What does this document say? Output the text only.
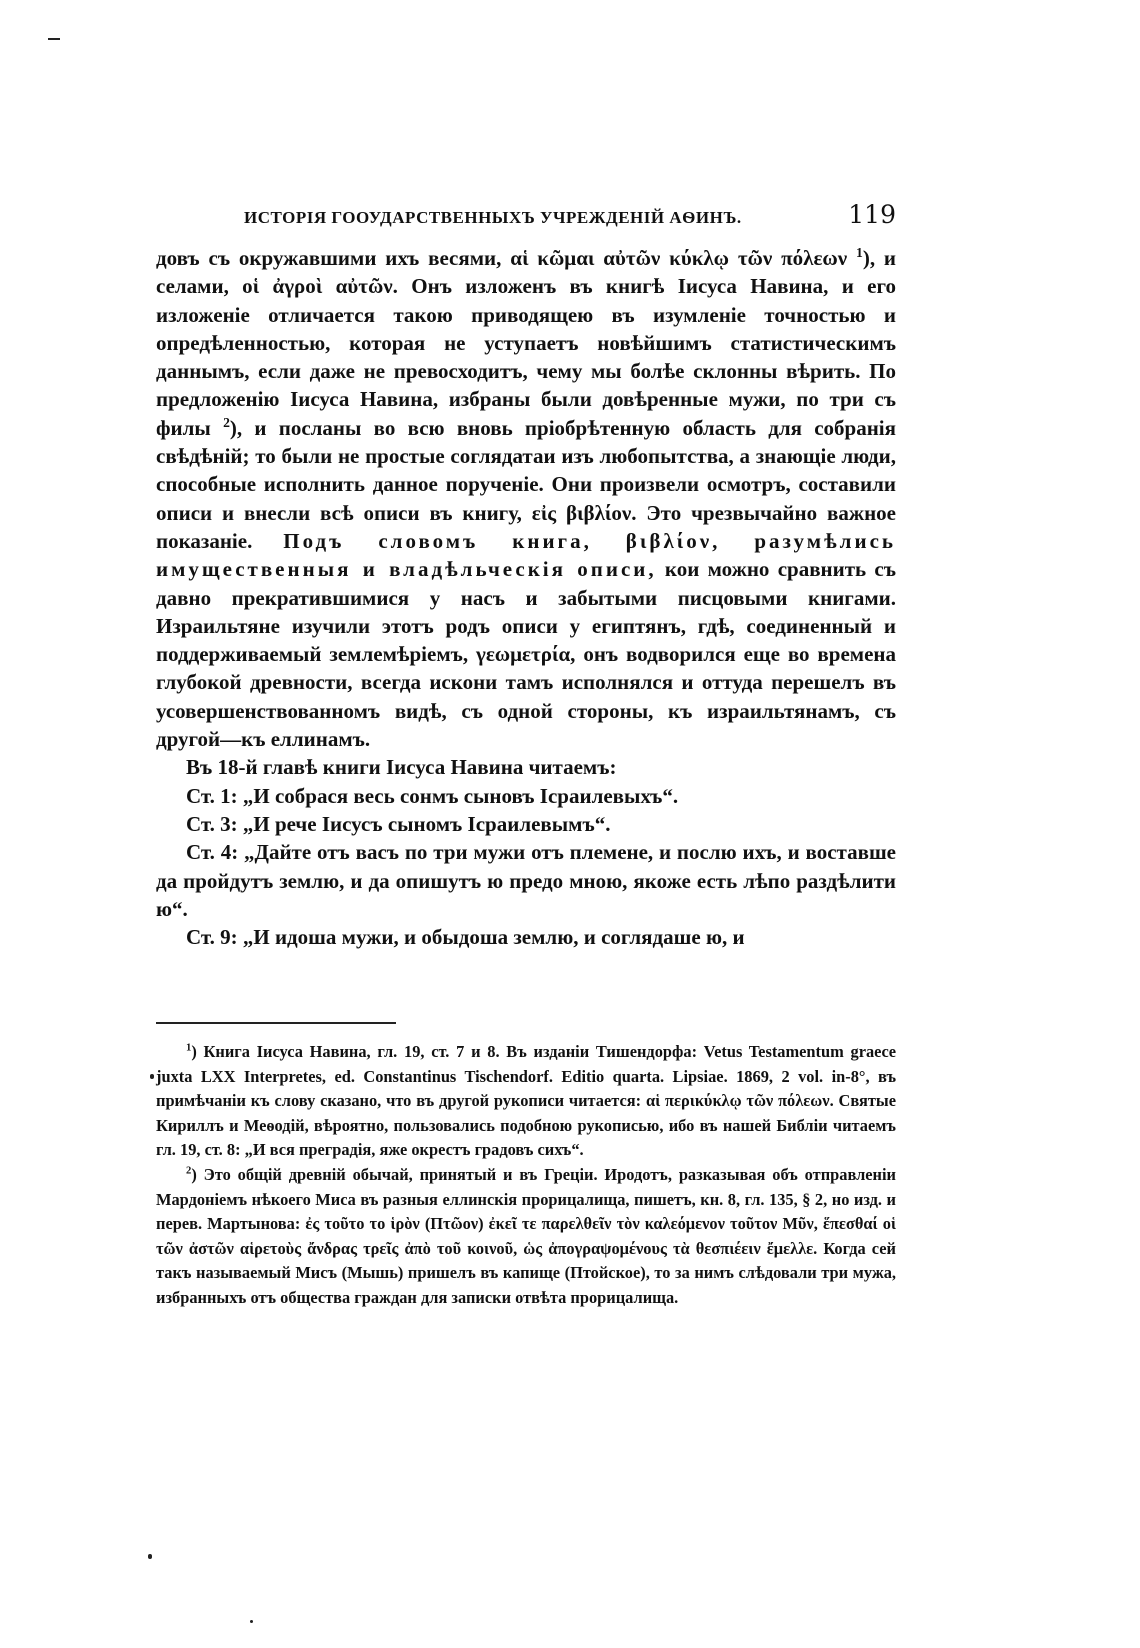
ИСТОРІЯ ГООУДАРСТВЕННЫХЪ УЧРЕЖДЕНІЙ АѲИНЪ.	119

довъ съ окружавшими ихъ весями, αἱ κῶμαι αὐτῶν κύκλῳ τῶν πόλεων $^1$), и селами, οἱ ἀγροὶ αὐτῶν. Онъ изложенъ въ книгѣ Іисуса Навина, и его изложеніе отличается такою приводящею въ изумленіе точностью и опредѣленностью, которая не уступаетъ новѣйшимъ статистическимъ даннымъ, если даже не превосходитъ, чему мы болѣе склонны вѣрить. По предложенію Іисуса Навина, избраны были довѣренные мужи, по три съ филы $^2$), и посланы во всю вновь пріобрѣтенную область для собранія свѣдѣній; то были не простые соглядатаи изъ любопытства, а знающіе люди, способные исполнить данное порученіе. Они произвели осмотръ, составили описи и внесли всѣ описи въ книгу, εἰς βιβλίον. Это чрезвычайно важное показаніе. Подъ словомъ книга, βιβλίον, разумѣлись имущественныя и владѣльческія описи, кои можно сравнить съ давно прекратившимися у насъ и забытыми писцовыми книгами. Израильтяне изучили этотъ родъ описи у египтянъ, гдѣ, соединенный и поддерживаемый землемѣріемъ, γεωμετρία, онъ водворился еще во времена глубокой древности, всегда искони тамъ исполнялся и оттуда перешелъ въ усовершенствованномъ видѣ, съ одной стороны, къ израильтянамъ, съ другой—къ еллинамъ.

Въ 18-й главѣ книги Іисуса Навина читаемъ:

Ст. 1: „И собрася весь сонмъ сыновъ Ісраилевыхъ“.

Ст. 3: „И рече Іисусъ сыномъ Ісраилевымъ“.

Ст. 4: „Дайте отъ васъ по три мужи отъ племене, и послю ихъ, и воставше да пройдутъ землю, и да опишутъ ю предо мною, якоже есть лѣпо раздѣлити ю“.

Ст. 9: „И идоша мужи, и обыдоша землю, и соглядаше ю, и

$^1$) Книга Іисуса Навина, гл. 19, ст. 7 и 8. Въ изданіи Тишендорфа: Vetus Testamentum graece juxta LXX Interpretes, ed. Constantinus Tischendorf. Editio quarta. Lipsiae. 1869, 2 vol. in-8°, въ примѣчаніи къ слову сказано, что въ другой рукописи читается: αἱ περικύκλῳ τῶν πόλεων. Святые Кириллъ и Меѳодій, вѣроятно, пользовались подобною рукописью, ибо въ нашей Библіи читаемъ гл. 19, ст. 8: „И вся преградія, яже окрестъ градовъ сихъ“.

$^2$) Это общій древній обычай, принятый и въ Греціи. Иродотъ, разказывая объ отправленіи Мардоніемъ нѣкоего Миса въ разныя еллинскія прорицалища, пишетъ, кн. 8, гл. 135, § 2, но изд. и перев. Мартынова: ἐς τοῦτο το ἱρὸν (Πτῶον) ἐκεῖ τε παρελθεῖν τὸν καλεόμενον τοῦτον Μῦν, ἕπεσθαί οἱ τῶν ἀστῶν αἱρετοὺς ἄνδρας τρεῖς ἀπὸ τοῦ κοινοῦ, ὡς ἀπογραψομένους τὰ θεσπιέειν ἔμελλε. Когда сей такъ называемый Мисъ (Мышь) пришелъ въ капище (Птойское), то за нимъ слѣдовали три мужа, избранныхъ отъ общества граждан для записки отвѣта прорицалища.
